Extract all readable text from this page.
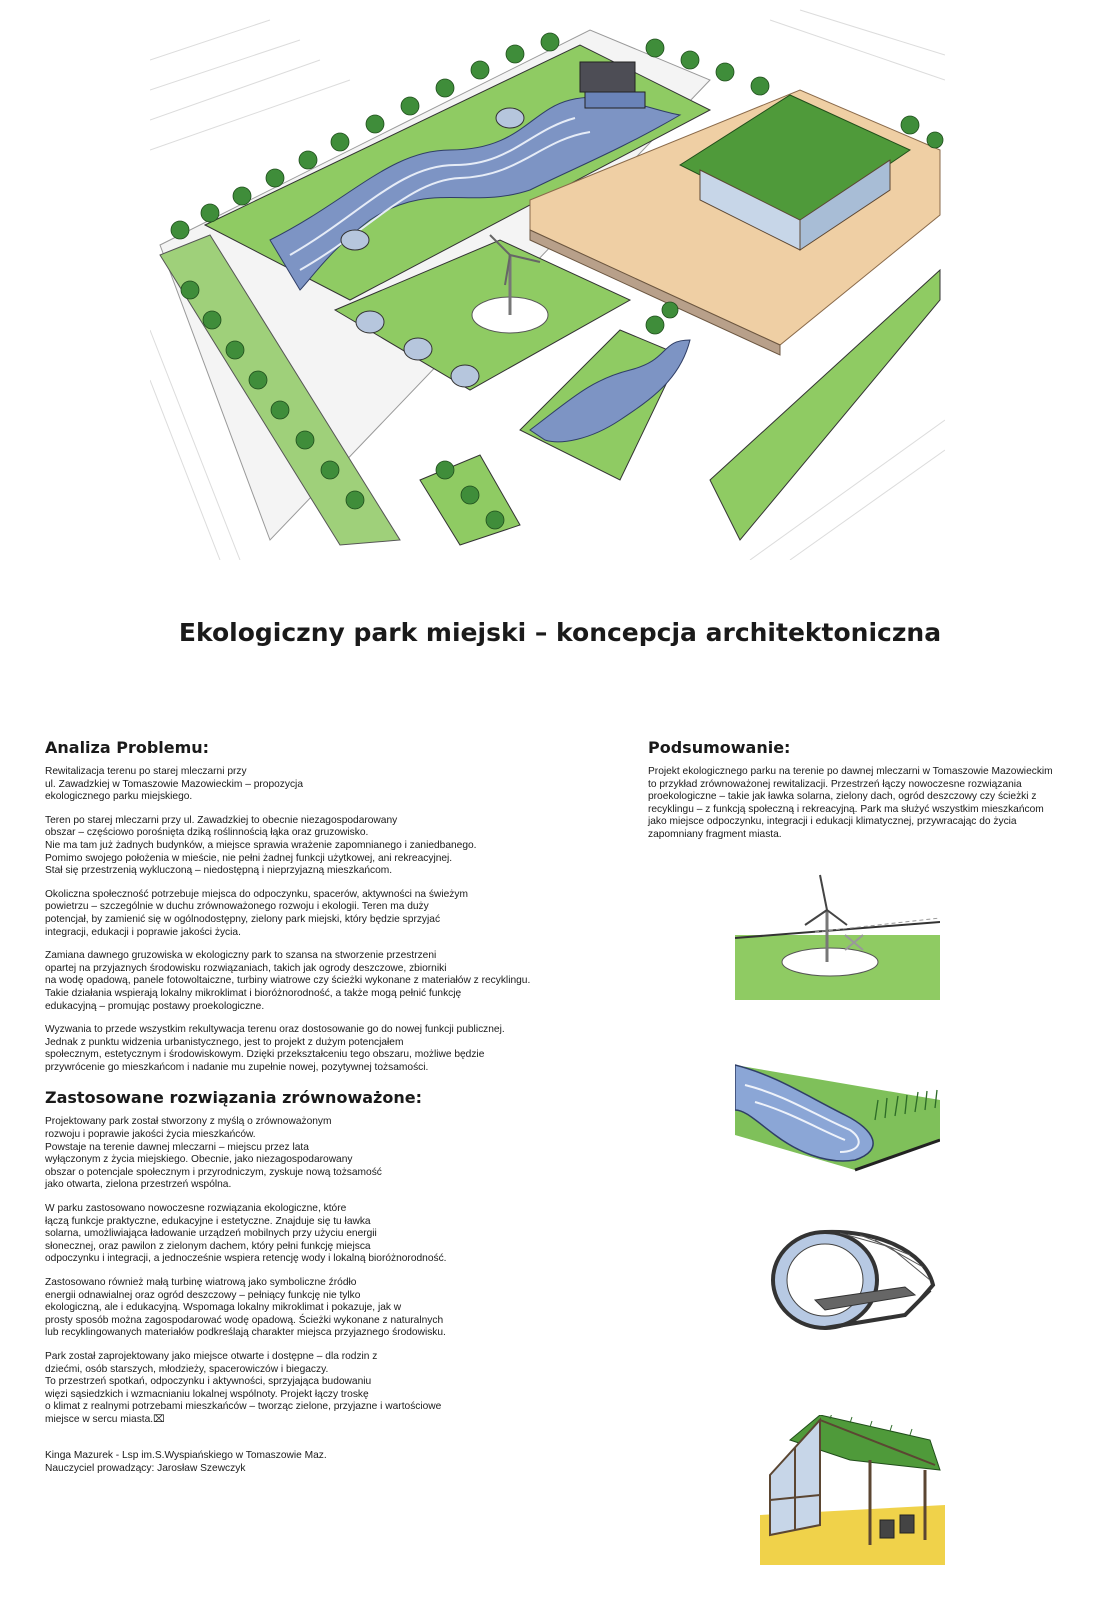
Ekologiczny park miejski – koncepcja architektoniczna
Analiza Problemu:

Rewitalizacja terenu po starej mleczarni przy
ul. Zawadzkiej w Tomaszowie Mazowieckim – propozycja
ekologicznego parku miejskiego.

Teren po starej mleczarni przy ul. Zawadzkiej to obecnie niezagospodarowany
obszar – częściowo porośnięta dziką roślinnością łąka oraz gruzowisko.
Nie ma tam już żadnych budynków, a miejsce sprawia wrażenie zapomnianego i zaniedbanego.
Pomimo swojego położenia w mieście, nie pełni żadnej funkcji użytkowej, ani rekreacyjnej.
Stał się przestrzenią wykluczoną – niedostępną i nieprzyjazną mieszkańcom.

Okoliczna społeczność potrzebuje miejsca do odpoczynku, spacerów, aktywności na świeżym
powietrzu – szczególnie w duchu zrównoważonego rozwoju i ekologii. Teren ma duży
potencjał, by zamienić się w ogólnodostępny, zielony park miejski, który będzie sprzyjać
integracji, edukacji i poprawie jakości życia.

Zamiana dawnego gruzowiska w ekologiczny park to szansa na stworzenie przestrzeni
opartej na przyjaznych środowisku rozwiązaniach, takich jak ogrody deszczowe, zbiorniki
na wodę opadową, panele fotowoltaiczne, turbiny wiatrowe czy ścieżki wykonane z materiałów z recyklingu.
Takie działania wspierają lokalny mikroklimat i bioróżnorodność, a także mogą pełnić funkcję
edukacyjną – promując postawy proekologiczne.

Wyzwania to przede wszystkim rekultywacja terenu oraz dostosowanie go do nowej funkcji publicznej.
Jednak z punktu widzenia urbanistycznego, jest to projekt z dużym potencjałem
społecznym, estetycznym i środowiskowym. Dzięki przekształceniu tego obszaru, możliwe będzie
przywrócenie go mieszkańcom i nadanie mu zupełnie nowej, pozytywnej tożsamości.

Zastosowane rozwiązania zrównoważone:

Projektowany park został stworzony z myślą o zrównoważonym
rozwoju i poprawie jakości życia mieszkańców.
Powstaje na terenie dawnej mleczarni – miejscu przez lata
wyłączonym z życia miejskiego. Obecnie, jako niezagospodarowany
obszar o potencjale społecznym i przyrodniczym, zyskuje nową tożsamość
jako otwarta, zielona przestrzeń wspólna.

W parku zastosowano nowoczesne rozwiązania ekologiczne, które
łączą funkcje praktyczne, edukacyjne i estetyczne. Znajduje się tu ławka
solarna, umożliwiająca ładowanie urządzeń mobilnych przy użyciu energii
słonecznej, oraz pawilon z zielonym dachem, który pełni funkcję miejsca
odpoczynku i integracji, a jednocześnie wspiera retencję wody i lokalną bioróżnorodność.

Zastosowano również małą turbinę wiatrową jako symboliczne źródło
energii odnawialnej oraz ogród deszczowy – pełniący funkcję nie tylko
ekologiczną, ale i edukacyjną. Wspomaga lokalny mikroklimat i pokazuje, jak w
prosty sposób można zagospodarować wodę opadową. Ścieżki wykonane z naturalnych
lub recyklingowanych materiałów podkreślają charakter miejsca przyjaznego środowisku.

Park został zaprojektowany jako miejsce otwarte i dostępne – dla rodzin z
dziećmi, osób starszych, młodzieży, spacerowiczów i biegaczy.
To przestrzeń spotkań, odpoczynku i aktywności, sprzyjająca budowaniu
więzi sąsiedzkich i wzmacnianiu lokalnej wspólnoty. Projekt łączy troskę
o klimat z realnymi potrzebami mieszkańców – tworząc zielone, przyjazne i wartościowe
miejsce w sercu miasta.⌧

Kinga Mazurek - Lsp im.S.Wyspiańskiego w Tomaszowie Maz.
Nauczyciel prowadzący: Jarosław Szewczyk
Podsumowanie:

Projekt ekologicznego parku na terenie po dawnej mleczarni w Tomaszowie Mazowieckim
to przykład zrównoważonej rewitalizacji. Przestrzeń łączy nowoczesne rozwiązania
proekologiczne – takie jak ławka solarna, zielony dach, ogród deszczowy czy ścieżki z
recyklingu – z funkcją społeczną i rekreacyjną. Park ma służyć wszystkim mieszkańcom
jako miejsce odpoczynku, integracji i edukacji klimatycznej, przywracając do życia
zapomniany fragment miasta.
